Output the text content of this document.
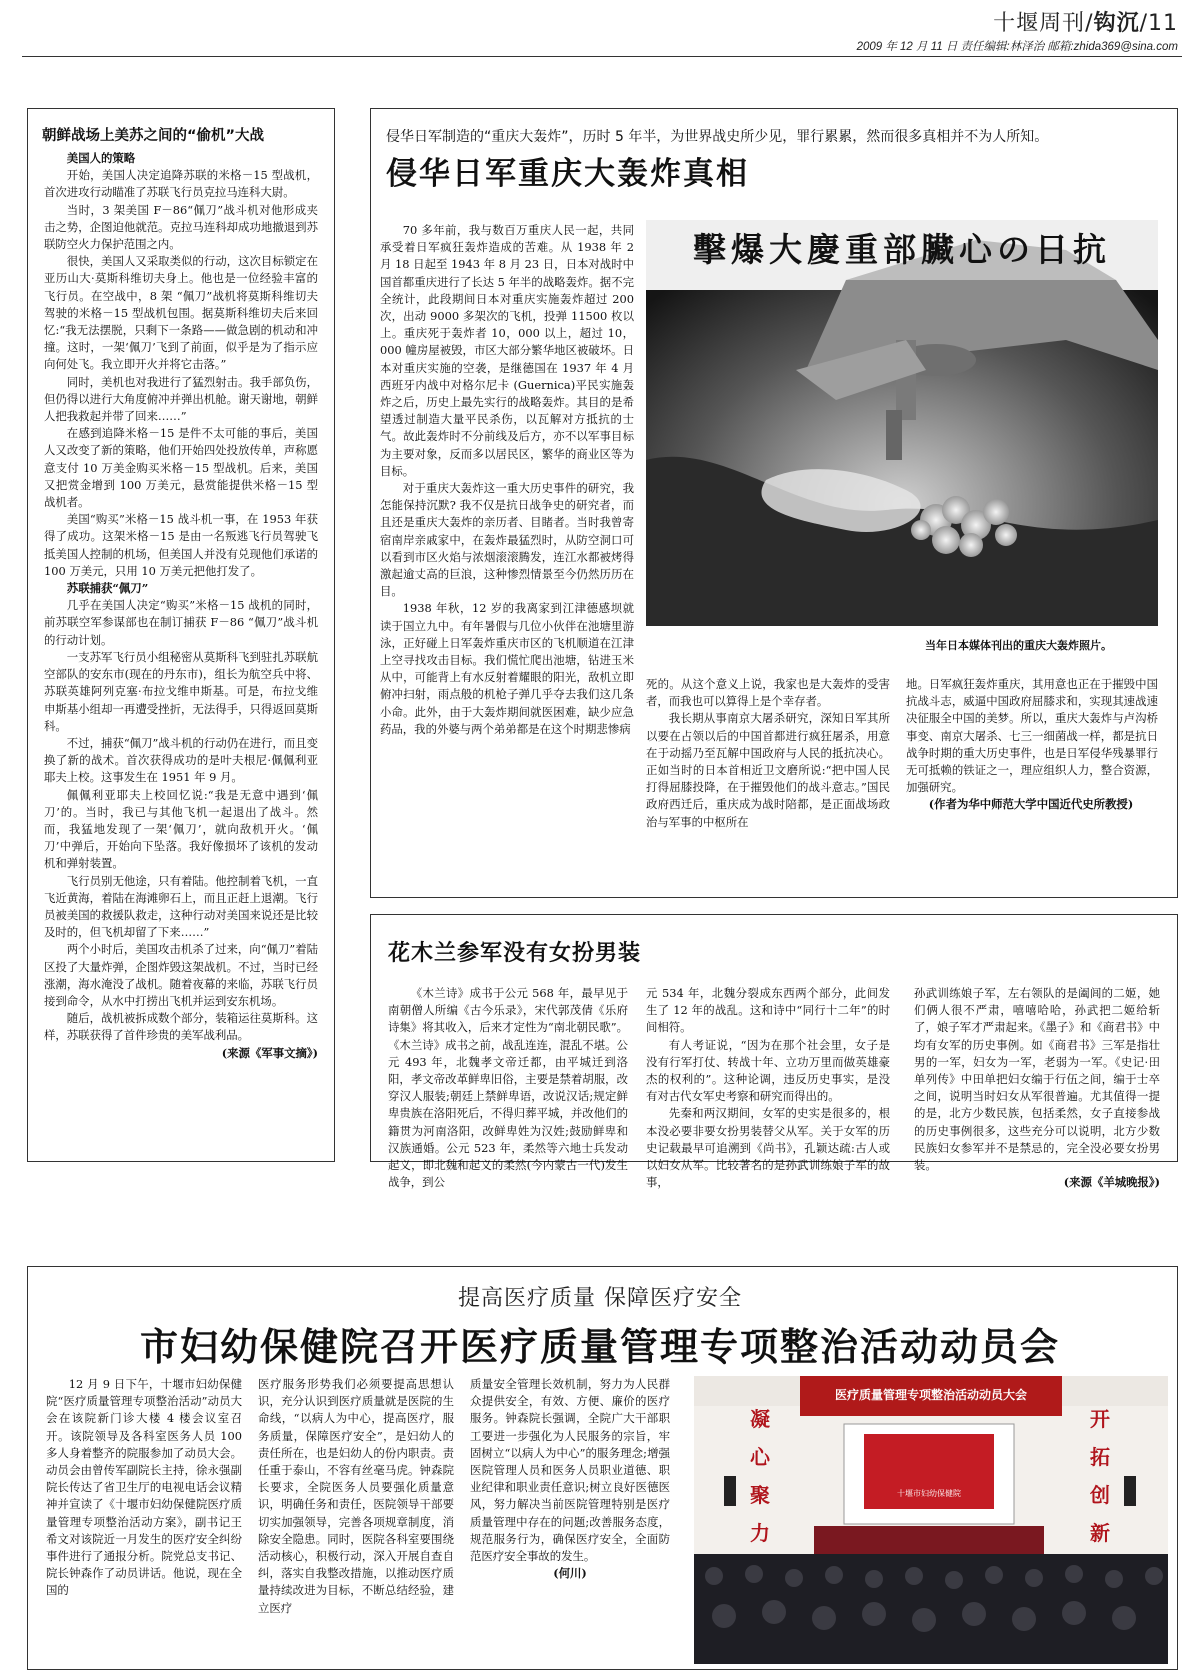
十堰周刊/钩沉/11
2009 年 12 月 11 日 责任编辑:林泽治 邮箱:zhida369@sina.com
朝鲜战场上美苏之间的“偷机”大战
美国人的策略

开始，美国人决定追降苏联的米格－15 型战机，首次进攻行动瞄准了苏联飞行员克拉马连科大尉。

当时，3 架美国 F－86“佩刀”战斗机对他形成夹击之势，企图迫他就范。克拉马连科却成功地撤退到苏联防空火力保护范围之内。

很快，美国人又采取类似的行动，这次目标锁定在亚历山大·莫斯科维切夫身上。他也是一位经验丰富的飞行员。在空战中，8 架 “佩刀”战机将莫斯科维切夫驾驶的米格－15 型战机包围。据莫斯科维切夫后来回忆:“我无法摆脱，只剩下一条路——做急剧的机动和冲撞。这时，一架‘佩刀’飞到了前面，似乎是为了指示应向何处飞。我立即开火并将它击落。”

同时，美机也对我进行了猛烈射击。我手部负伤，但仍得以进行大角度俯冲并弹出机舱。谢天谢地，朝鲜人把我救起并带了回来……”

在感到追降米格－15 是件不太可能的事后，美国人又改变了新的策略，他们开始四处投放传单，声称愿意支付 10 万美金购买米格－15 型战机。后来，美国又把赏金增到 100 万美元，悬赏能提供米格－15 型战机者。

美国“购买”米格－15 战斗机一事，在 1953 年获得了成功。这架米格－15 是由一名叛逃飞行员驾驶飞抵美国人控制的机场，但美国人并没有兑现他们承诺的 100 万美元，只用 10 万美元把他打发了。

苏联捕获“佩刀”

几乎在美国人决定“购买”米格－15 战机的同时，前苏联空军参谋部也在制订捕获 F－86 “佩刀”战斗机的行动计划。

一支苏军飞行员小组秘密从莫斯科飞到驻扎苏联航空部队的安东市(现在的丹东市)，组长为航空兵中将、苏联英雄阿列克塞·布拉戈维申斯基。可是，布拉戈维申斯基小组却一再遭受挫折，无法得手，只得返回莫斯科。

不过，捕获“佩刀”战斗机的行动仍在进行，而且变换了新的战术。首次获得成功的是叶夫根尼·佩佩利亚耶夫上校。这事发生在 1951 年 9 月。

佩佩利亚耶夫上校回忆说:“我是无意中遇到‘佩刀’的。当时，我已与其他飞机一起退出了战斗。然而，我猛地发现了一架‘佩刀’，就向敌机开火。‘佩刀’中弹后，开始向下坠落。我好像损坏了该机的发动机和弹射装置。

飞行员别无他途，只有着陆。他控制着飞机，一直飞近黄海，着陆在海滩卵石上，而且正赶上退潮。飞行员被美国的救援队救走，这种行动对美国来说还是比较及时的，但飞机却留了下来……”

两个小时后，美国攻击机杀了过来，向“佩刀”着陆区投了大量炸弹，企图炸毁这架战机。不过，当时已经涨潮，海水淹没了战机。随着夜幕的来临，苏联飞行员接到命令，从水中打捞出飞机并运到安东机场。

随后，战机被拆成数个部分，装箱运往莫斯科。这样，苏联获得了首件珍贵的美军战利品。

(来源《军事文摘》)
侵华日军制造的“重庆大轰炸”，历时 5 年半，为世界战史所少见，罪行累累，然而很多真相并不为人所知。
侵华日军重庆大轰炸真相

70 多年前，我与数百万重庆人民一起，共同承受着日军疯狂轰炸造成的苦难。从 1938 年 2 月 18 日起至 1943 年 8 月 23 日，日本对战时中国首都重庆进行了长达 5 年半的战略轰炸。据不完全统计，此段期间日本对重庆实施轰炸超过 200 次，出动 9000 多架次的飞机，投弹 11500 枚以上。重庆死于轰炸者 10，000 以上，超过 10，000 幢房屋被毁，市区大部分繁华地区被破坏。日本对重庆实施的空袭，是继德国在 1937 年 4 月西班牙内战中对格尔尼卡 (Guernica)平民实施轰炸之后，历史上最先实行的战略轰炸。其目的是希望透过制造大量平民杀伤，以瓦解对方抵抗的士气。故此轰炸时不分前线及后方，亦不以军事目标为主要对象，反而多以居民区，繁华的商业区等为目标。

对于重庆大轰炸这一重大历史事件的研究，我怎能保持沉默? 我不仅是抗日战争史的研究者，而且还是重庆大轰炸的亲历者、目睹者。当时我曾寄宿南岸亲戚家中，在轰炸最猛烈时，从防空洞口可以看到市区火焰与浓烟滚滚腾发，连江水都被烤得激起逾丈高的巨浪，这种惨烈情景至今仍然历历在目。

1938 年秋，12 岁的我离家到江津德感坝就读于国立九中。有年暑假与几位小伙伴在池塘里游泳，正好碰上日军轰炸重庆市区的飞机顺道在江津上空寻找攻击目标。我们慌忙爬出池塘，钻进玉米从中，可能背上有水反射着耀眼的阳光，敌机立即俯冲扫射，雨点般的机枪子弹几乎夺去我们这几条小命。此外，由于大轰炸期间就医困难，缺少应急药品，我的外婆与两个弟弟都是在这个时期悲惨病

擊爆大慶重部臟心の日抗
当年日本媒体刊出的重庆大轰炸照片。

死的。从这个意义上说，我家也是大轰炸的受害者，而我也可以算得上是个幸存者。

我长期从事南京大屠杀研究，深知日军其所以要在占领以后的中国首都进行疯狂屠杀，用意在于动摇乃至瓦解中国政府与人民的抵抗决心。正如当时的日本首相近卫文磨所说:“把中国人民打得屈膝投降，在于摧毁他们的战斗意志。”国民政府西迁后，重庆成为战时陪都，是正面战场政治与军事的中枢所在

地。日军疯狂轰炸重庆，其用意也正在于摧毁中国抗战斗志，威逼中国政府屈膝求和，实现其速战速决征服全中国的美梦。所以，重庆大轰炸与卢沟桥事变、南京大屠杀、七三一细菌战一样，都是抗日战争时期的重大历史事件，也是日军侵华残暴罪行无可抵赖的铁证之一，理应组织人力，整合资源，加强研究。

(作者为华中师范大学中国近代史所教授)
花木兰参军没有女扮男装

《木兰诗》成书于公元 568 年，最早见于南朝僧人所编《古今乐录》，宋代郭茂倩《乐府诗集》将其收入，后来才定性为“南北朝民歌”。《木兰诗》成书之前，战乱连连，混乱不堪。公元 493 年，北魏孝文帝迁都，由平城迁到洛阳，孝文帝改革鲜卑旧俗，主要是禁着胡服，改穿汉人服装;朝廷上禁鲜卑语，改说汉话;规定鲜卑贵族在洛阳死后，不得归葬平城，并改他们的籍贯为河南洛阳，改鲜卑姓为汉姓;鼓励鲜卑和汉族通婚。公元 523 年，柔然等六地士兵发动起义，即北魏和起义的柔然(今内蒙古一代)发生战争，到公

元 534 年，北魏分裂成东西两个部分，此间发生了 12 年的战乱。这和诗中“同行十二年”的时间相符。

有人考证说，“因为在那个社会里，女子是没有行军打仗、转战十年、立功万里而做英雄豪杰的权利的”。这种论调，违反历史事实，是没有对古代女军史考察和研究而得出的。

先秦和两汉期间，女军的史实是很多的，根本没必要非要女扮男装替父从军。关于女军的历史记载最早可追溯到《尚书》，孔颖达疏:古人或以妇女从军。比较著名的是孙武训练娘子军的故事，

孙武训练娘子军，左右领队的是阖闾的二姬，她们俩人很不严肃，嘻嘻哈哈，孙武把二姬给斩了，娘子军才严肃起来。《墨子》和《商君书》中均有女军的历史事例。如《商君书》三军是指壮男的一军，妇女为一军，老弱为一军。《史记·田单列传》中田单把妇女编于行伍之间，编于士卒之间，说明当时妇女从军很普遍。尤其值得一提的是，北方少数民族，包括柔然，女子直接参战的历史事例很多，这些充分可以说明，北方少数民族妇女参军并不是禁忌的，完全没必要女扮男装。

(来源《羊城晚报》)
提高医疗质量 保障医疗安全
市妇幼保健院召开医疗质量管理专项整治活动动员会

12 月 9 日下午，十堰市妇幼保健院“医疗质量管理专项整治活动”动员大会在该院新门诊大楼 4 楼会议室召开。该院领导及各科室医务人员 100 多人身着整齐的院服参加了动员大会。动员会由曾传军副院长主持，徐永强副院长传达了省卫生厅的电视电话会议精神并宣读了《十堰市妇幼保健院医疗质量管理专项整治活动方案》，副书记王希文对该院近一月发生的医疗安全纠纷事件进行了通报分析。院党总支书记、院长钟森作了动员讲话。他说，现在全国的

医疗服务形势我们必须要提高思想认识，充分认识到医疗质量就是医院的生命线，“以病人为中心，提高医疗，服务质量，保障医疗安全”，是妇幼人的责任所在，也是妇幼人的份内职责。责任重于泰山，不容有丝毫马虎。钟森院长要求，全院医务人员要强化质量意识，明确任务和责任，医院领导干部要切实加强领导，完善各项规章制度，消除安全隐患。同时，医院各科室要围绕活动核心，积极行动，深入开展自查自纠，落实自我整改措施，以推动医疗质量持续改进为目标，不断总结经验，建立医疗

质量安全管理长效机制，努力为人民群众提供安全，有效、方便、廉价的医疗服务。钟森院长强调，全院广大干部职工要进一步强化为人民服务的宗旨，牢固树立“以病人为中心”的服务理念;增强医院管理人员和医务人员职业道德、职业纪律和职业责任意识;树立良好医德医风，努力解决当前医院管理特别是医疗质量管理中存在的问题;改善服务态度，规范服务行为，确保医疗安全，全面防范医疗安全事故的发生。

(何川)
医疗质量管理专项整治活动动员大会
凝心聚力
开拓创新
十堰市妇幼保健院
